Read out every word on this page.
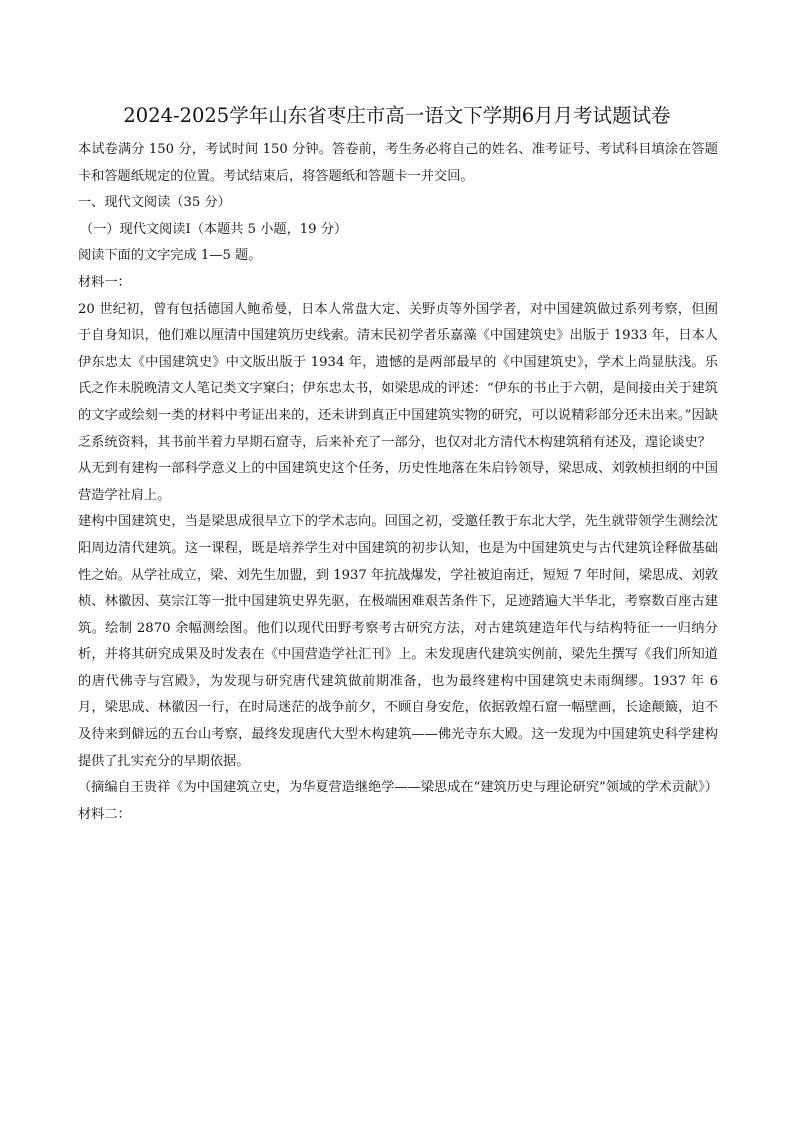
2024-2025学年山东省枣庄市高一语文下学期6月月考试题试卷

本试卷满分 150 分，考试时间 150 分钟。答卷前，考生务必将自己的姓名、准考证号、考试科目填涂在答题卡和答题纸规定的位置。考试结束后，将答题纸和答题卡一并交回。

一、现代文阅读（35 分）

（一）现代文阅读Ⅰ（本题共 5 小题，19 分）

阅读下面的文字完成 1—5 题。

材料一：

20 世纪初，曾有包括德国人鲍希曼，日本人常盘大定、关野贞等外国学者，对中国建筑做过系列考察，但囿于自身知识，他们难以厘清中国建筑历史线索。清末民初学者乐嘉藻《中国建筑史》出版于 1933 年，日本人伊东忠太《中国建筑史》中文版出版于 1934 年，遗憾的是两部最早的《中国建筑史》，学术上尚显肤浅。乐氏之作未脱晚清文人笔记类文字窠臼；伊东忠太书，如梁思成的评述：“伊东的书止于六朝，是间接由关于建筑的文字或绘刻一类的材料中考证出来的，还未讲到真正中国建筑实物的研究，可以说精彩部分还未出来。”因缺乏系统资料，其书前半着力早期石窟寺，后来补充了一部分，也仅对北方清代木构建筑稍有述及，遑论谈史？

从无到有建构一部科学意义上的中国建筑史这个任务，历史性地落在朱启钤领导，梁思成、刘敦桢担纲的中国营造学社肩上。

建构中国建筑史，当是梁思成很早立下的学术志向。回国之初，受邀任教于东北大学，先生就带领学生测绘沈阳周边清代建筑。这一课程，既是培养学生对中国建筑的初步认知，也是为中国建筑史与古代建筑诠释做基础性之始。从学社成立，梁、刘先生加盟，到 1937 年抗战爆发，学社被迫南迁，短短 7 年时间，梁思成、刘敦桢、林徽因、莫宗江等一批中国建筑史界先驱，在极端困难艰苦条件下，足迹踏遍大半华北，考察数百座古建筑。绘制 2870 余幅测绘图。他们以现代田野考察考古研究方法，对古建筑建造年代与结构特征一一归纳分析，并将其研究成果及时发表在《中国营造学社汇刊》上。未发现唐代建筑实例前，梁先生撰写《我们所知道的唐代佛寺与宫殿》，为发现与研究唐代建筑做前期准备，也为最终建构中国建筑史未雨绸缪。1937 年 6 月，梁思成、林徽因一行，在时局迷茫的战争前夕，不顾自身安危，依据敦煌石窟一幅壁画，长途颠簸，迫不及待来到僻远的五台山考察，最终发现唐代大型木构建筑——佛光寺东大殿。这一发现为中国建筑史科学建构提供了扎实充分的早期依据。

（摘编自王贵祥《为中国建筑立史，为华夏营造继绝学——梁思成在“建筑历史与理论研究”领域的学术贡献》）

材料二：
